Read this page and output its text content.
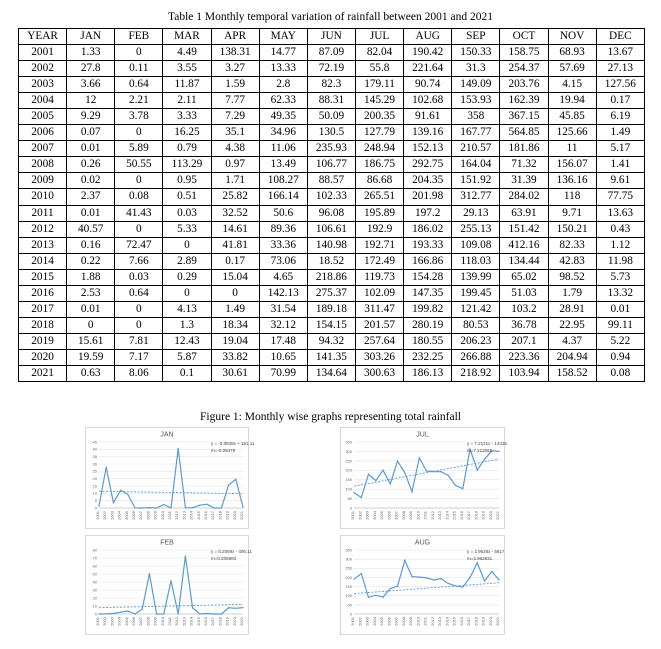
Table 1 Monthly temporal variation of rainfall between 2001 and 2021
YEAR	JAN	FEB	MAR	APR	MAY	JUN	JUL	AUG	SEP	OCT	NOV	DEC
2001	1.33	0	4.49	138.31	14.77	87.09	82.04	190.42	150.33	158.75	68.93	13.67
2002	27.8	0.11	3.55	3.27	13.33	72.19	55.8	221.64	31.3	254.37	57.69	27.13
2003	3.66	0.64	11.87	1.59	2.8	82.3	179.11	90.74	149.09	203.76	4.15	127.56
2004	12	2.21	2.11	7.77	62.33	88.31	145.29	102.68	153.93	162.39	19.94	0.17
2005	9.29	3.78	3.33	7.29	49.35	50.09	200.35	91.61	358	367.15	45.85	6.19
2006	0.07	0	16.25	35.1	34.96	130.5	127.79	139.16	167.77	564.85	125.66	1.49
2007	0.01	5.89	0.79	4.38	11.06	235.93	248.94	152.13	210.57	181.86	11	5.17
2008	0.26	50.55	113.29	0.97	13.49	106.77	186.75	292.75	164.04	71.32	156.07	1.41
2009	0.02	0	0.95	1.71	108.27	88.57	86.68	204.35	151.92	31.39	136.16	9.61
2010	2.37	0.08	0.51	25.82	166.14	102.33	265.51	201.98	312.77	284.02	118	77.75
2011	0.01	41.43	0.03	32.52	50.6	96.08	195.89	197.2	29.13	63.91	9.71	13.63
2012	40.57	0	5.33	14.61	89.36	106.61	192.9	186.02	255.13	151.42	150.21	0.43
2013	0.16	72.47	0	41.81	33.36	140.98	192.71	193.33	109.08	412.16	82.33	1.12
2014	0.22	7.66	2.89	0.17	73.06	18.52	172.49	166.86	118.03	134.44	42.83	11.98
2015	1.88	0.03	0.29	15.04	4.65	218.86	119.73	154.28	139.99	65.02	98.52	5.73
2016	2.53	0.64	0	0	142.13	275.37	102.09	147.35	199.45	51.03	1.79	13.32
2017	0.01	0	4.13	1.49	31.54	189.18	311.47	199.82	121.42	103.2	28.91	0.01
2018	0	0	1.3	18.34	32.12	154.15	201.57	280.19	80.53	36.78	22.95	99.11
2019	15.61	7.81	12.43	19.04	17.48	94.32	257.64	180.55	206.23	207.1	4.37	5.22
2020	19.59	7.17	5.87	33.82	10.65	141.35	303.26	232.25	266.88	223.36	204.94	0.94
2021	0.63	8.06	0.1	30.61	70.99	134.64	300.63	186.13	218.92	103.94	158.52	0.08
Figure 1: Monthly wise graphs representing total rainfall
JAN
0
5
10
15
20
25
30
35
40
45
2001 2002 2003 2004 2005 2006 2007 2008 2009 2010 2011 2012 2013 2014 2015 2016 2017 2018 2019 2020 2021
y = -0.0848x + 181.11
m=-0.08479
JUL
0
50
100
150
200
250
300
350
2001 2002 2003 2004 2005 2006 2007 2008 2009 2010 2011 2012 2013 2014 2015 2016 2017 2018 2019 2020 2021
y = 7.2121x - 14316
m=7.212065
FEB
0
10
20
30
40
50
60
70
80
2001 2002 2003 2004 2005 2006 2007 2008 2009 2010 2011 2012 2013 2014 2015 2016 2017 2018 2019 2020 2021
y = 0.2069x - 406.11
m=0.206883
AUG
0
50
100
150
200
250
300
350
2001 2002 2003 2004 2005 2006 2007 2008 2009 2010 2011 2012 2013 2014 2015 2016 2017 2018 2019 2020 2021
y = 2.9628x - 5817
m=2.962831
